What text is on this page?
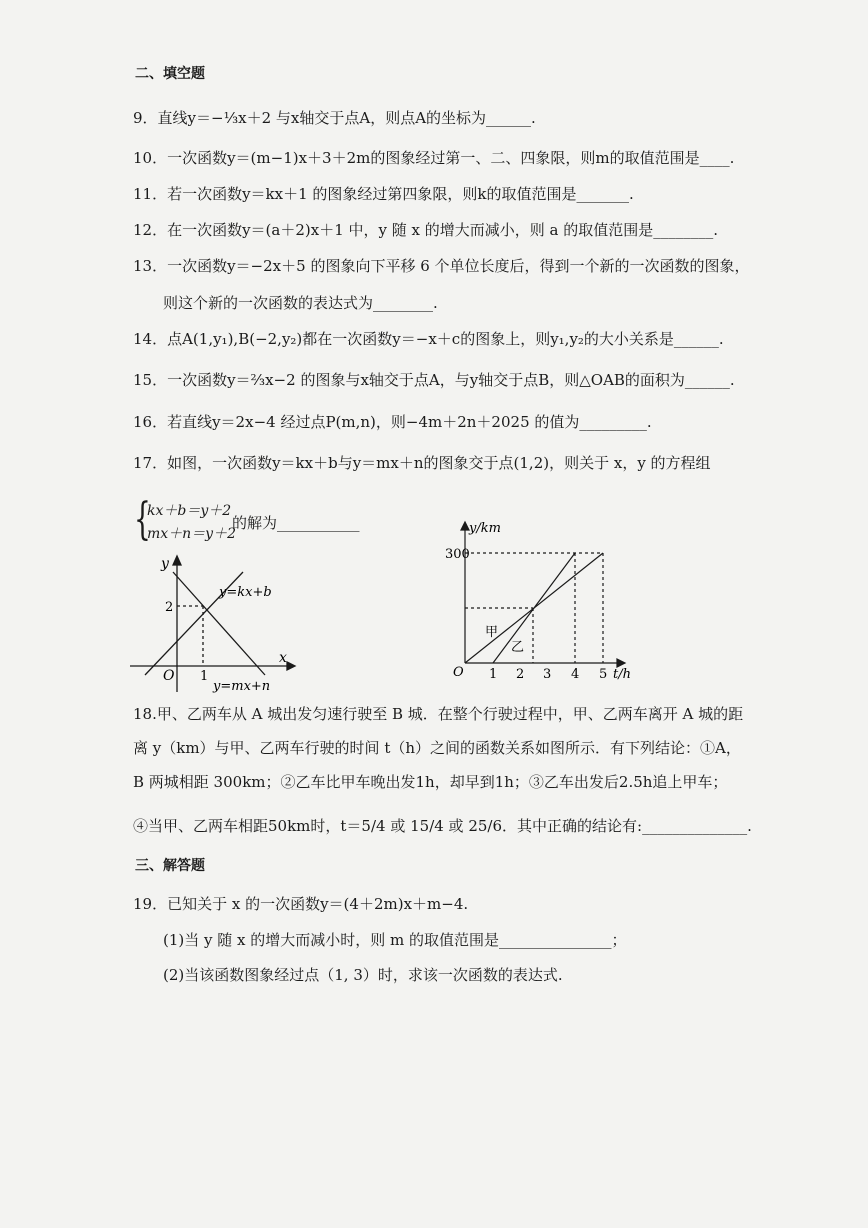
二、填空题
9．直线y＝−⅓x＋2 与x轴交于点A，则点A的坐标为______.
10．一次函数y＝(m−1)x＋3＋2m的图象经过第一、二、四象限，则m的取值范围是____.
11．若一次函数y＝kx＋1 的图象经过第四象限，则k的取值范围是_______.
12．在一次函数y＝(a＋2)x＋1 中，y 随 x 的增大而减小，则 a 的取值范围是________.
13．一次函数y＝−2x＋5 的图象向下平移 6 个单位长度后，得到一个新的一次函数的图象，
则这个新的一次函数的表达式为________.
14．点A(1,y₁),B(−2,y₂)都在一次函数y＝−x＋c的图象上，则y₁,y₂的大小关系是______.
15．一次函数y＝⅔x−2 的图象与x轴交于点A，与y轴交于点B，则△OAB的面积为______.
16．若直线y＝2x−4 经过点P(m,n)，则−4m＋2n＋2025 的值为_________.
17．如图，一次函数y＝kx＋b与y＝mx＋n的图象交于点(1,2)，则关于 x，y 的方程组
{
kx＋b＝y＋2
mx＋n＝y＋2
的解为___________
y
x
O 1
2
y=kx+b
y=mx+n
y/km
t/h
O
300
1 2 3 4 5
甲
乙
18.甲、乙两车从 A 城出发匀速行驶至 B 城．在整个行驶过程中，甲、乙两车离开 A 城的距
离 y（km）与甲、乙两车行驶的时间 t（h）之间的函数关系如图所示．有下列结论：①A，
B 两城相距 300km；②乙车比甲车晚出发1h，却早到1h；③乙车出发后2.5h追上甲车；
④当甲、乙两车相距50km时，t＝5/4 或 15/4 或 25/6．其中正确的结论有:______________.
三、解答题
19．已知关于 x 的一次函数y＝(4＋2m)x＋m−4.
(1)当 y 随 x 的增大而减小时，则 m 的取值范围是_______________；
(2)当该函数图象经过点（1, 3）时，求该一次函数的表达式.
